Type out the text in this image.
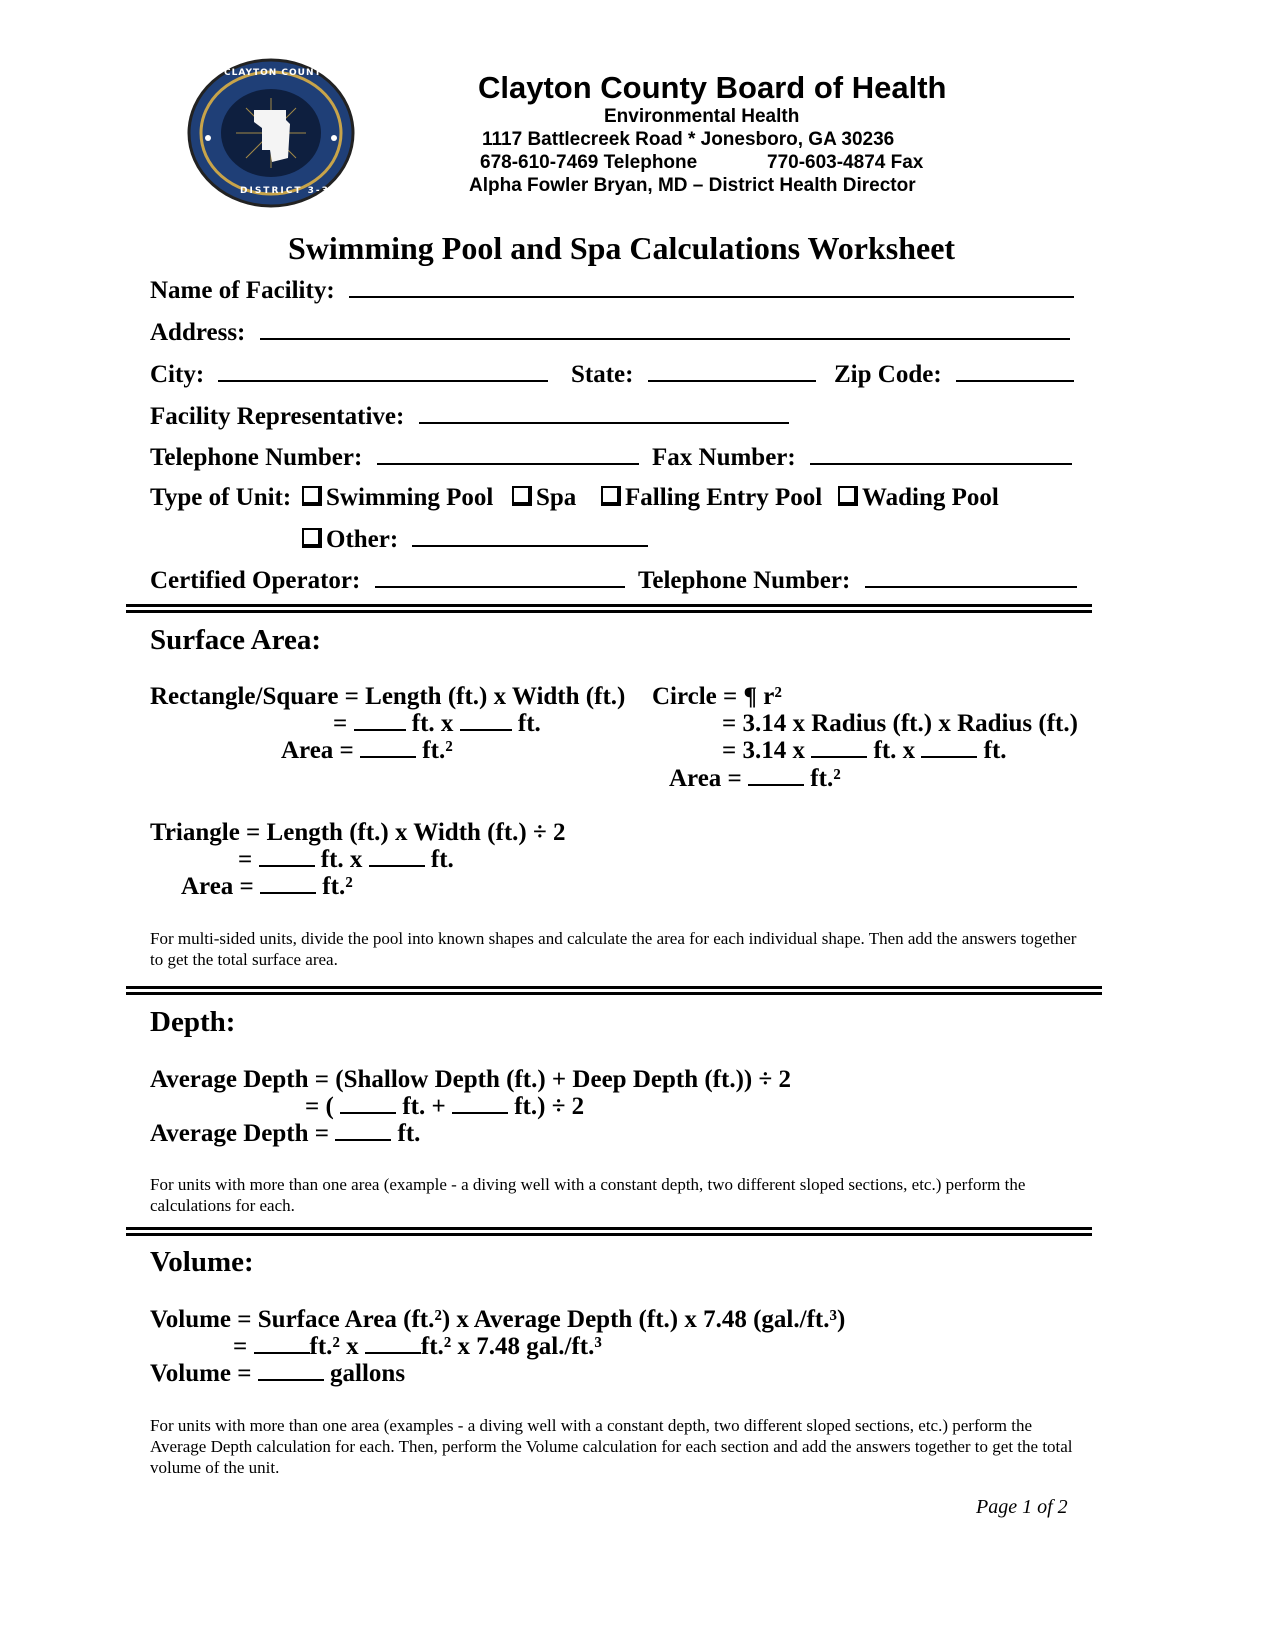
CLAYTON COUNTY GEORGIA
DISTRICT 3-3
Clayton County Board of Health
Environmental Health
1117 Battlecreek Road * Jonesboro, GA 30236
678-610-7469 Telephone	770-603-4874 Fax
Alpha Fowler Bryan, MD – District Health Director
Swimming Pool and Spa Calculations Worksheet
Name of Facility:
Address:
City:	State:	Zip Code:
Facility Representative:
Telephone Number:	Fax Number:
Type of Unit:	Swimming Pool	Spa	Falling Entry Pool	Wading Pool
Other:
Certified Operator:	Telephone Number:
Surface Area:
Rectangle/Square = Length (ft.) x Width (ft.)
=	ft. x	ft.
Area =	ft.²
Circle = ¶ r²
= 3.14 x Radius (ft.) x Radius (ft.)
= 3.14 x	ft. x	ft.
Area =	ft.²
Triangle = Length (ft.) x Width (ft.) ÷ 2
=	ft. x	ft.
Area =	ft.²
For multi-sided units, divide the pool into known shapes and calculate the area for each individual shape. Then add the answers together to get the total surface area.
Depth:
Average Depth = (Shallow Depth (ft.) + Deep Depth (ft.)) ÷ 2
= (	ft. +	ft.) ÷ 2
Average Depth =	ft.
For units with more than one area (example - a diving well with a constant depth, two different sloped sections, etc.) perform the calculations for each.
Volume:
Volume = Surface Area (ft.²) x Average Depth (ft.) x 7.48 (gal./ft.³)
= ft.² x ft.² x 7.48 gal./ft.³
Volume =	gallons
For units with more than one area (examples - a diving well with a constant depth, two different sloped sections, etc.) perform the Average Depth calculation for each. Then, perform the Volume calculation for each section and add the answers together to get the total volume of the unit.
Page 1 of 2
